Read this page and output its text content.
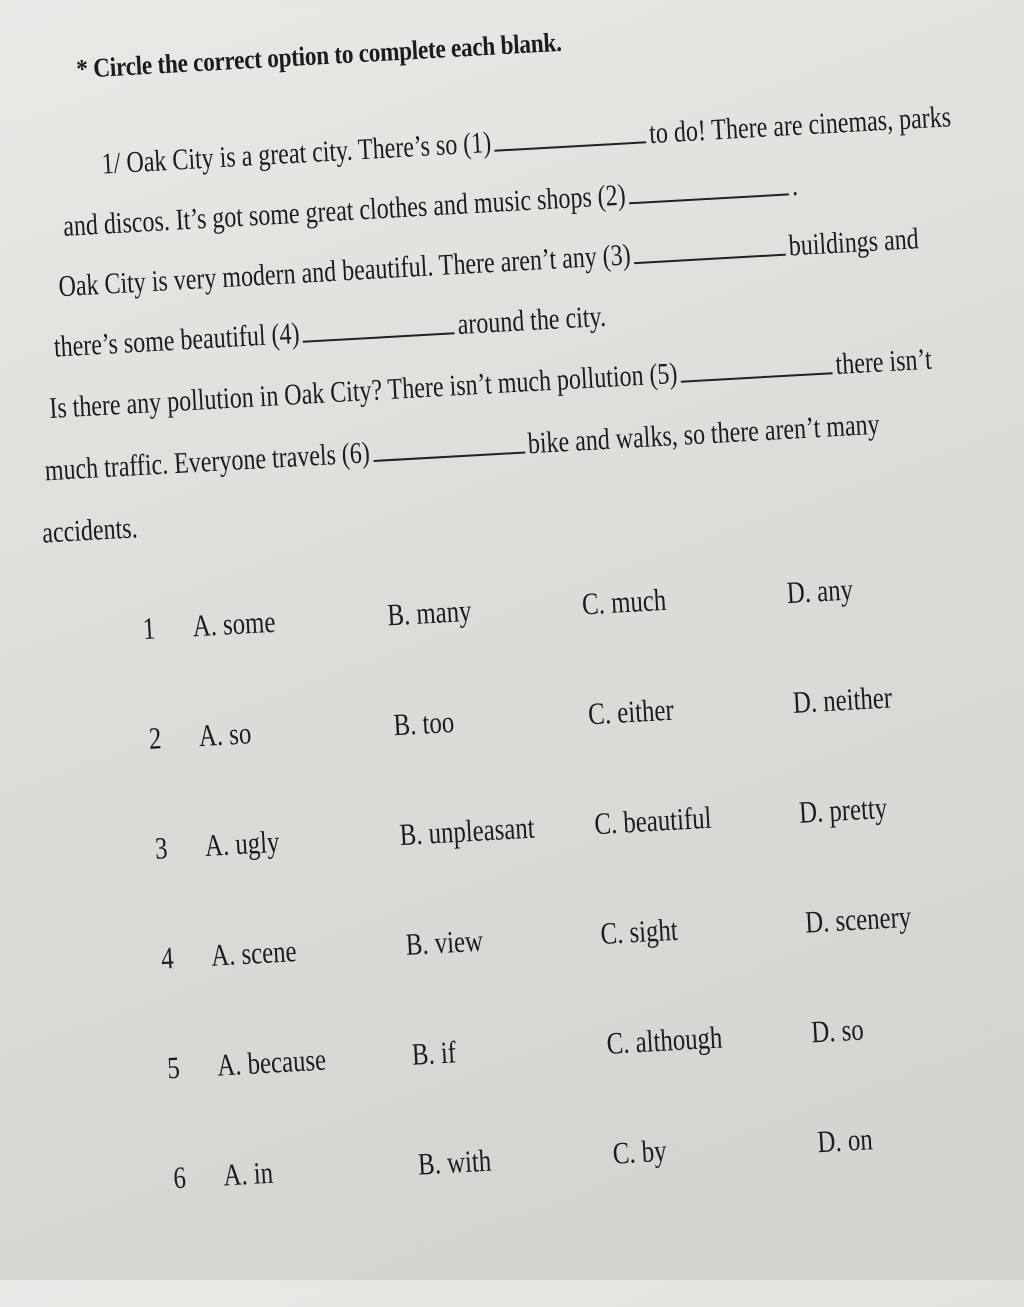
* Circle the correct option to complete each blank.
1/ Oak City is a great city. There’s so (1)to do! There are cinemas, parks
and discos. It’s got some great clothes and music shops (2)	.
Oak City is very modern and beautiful. There aren’t any (3)	buildings and
there’s some beautiful (4)	around the city.
Is there any pollution in Oak City? There isn’t much pollution (5)	there isn’t
much traffic. Everyone travels (6)bike and walks, so there aren’t many
accidents.
1 A. some	B. many	C. much	D. any
2 A. so	B. too	C. either	D. neither
3 A. ugly	B. unpleasant C. beautiful	D. pretty
4 A. scene	B. view	C. sight	D. scenery
5 A. because	B. if	C. although	D. so
6 A. in	B. with	C. by	D. on
